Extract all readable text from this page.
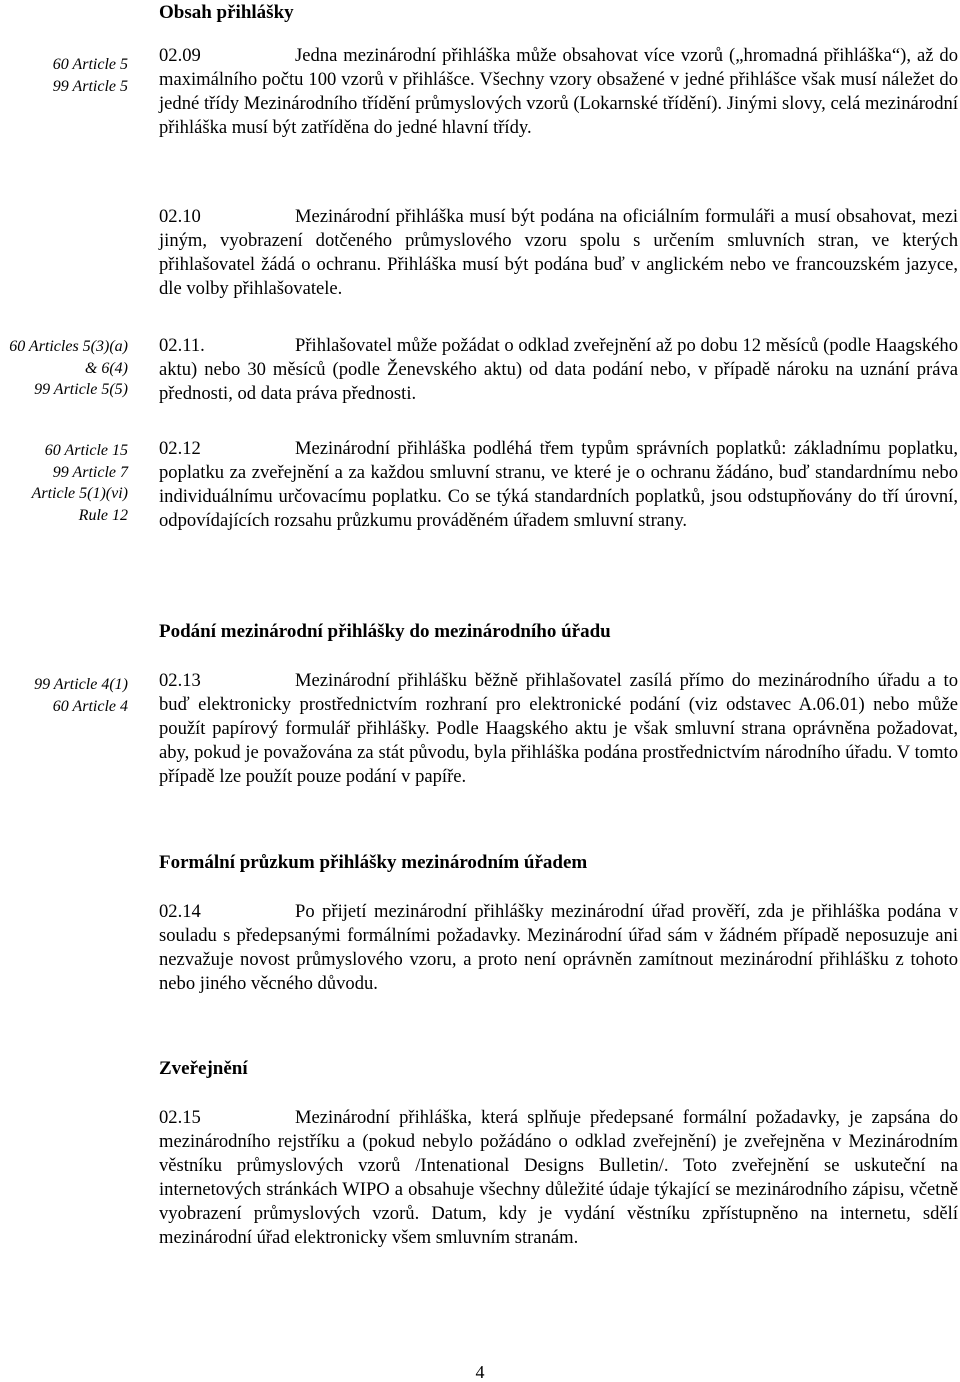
Obsah přihlášky
60 Article 5
99 Article 5
02.09	Jedna mezinárodní přihláška může obsahovat více vzorů („hromadná přihláška“), až do maximálního počtu 100 vzorů v přihlášce. Všechny vzory obsažené v jedné přihlášce však musí náležet do jedné třídy Mezinárodního třídění průmyslových vzorů (Lokarnské třídění). Jinými slovy, celá mezinárodní přihláška musí být zatříděna do jedné hlavní třídy.
02.10	Mezinárodní přihláška musí být podána na oficiálním formuláři a musí obsahovat, mezi jiným, vyobrazení dotčeného průmyslového vzoru spolu s určením smluvních stran, ve kterých přihlašovatel žádá o ochranu. Přihláška musí být podána buď v anglickém nebo ve francouzském jazyce, dle volby přihlašovatele.
60 Articles 5(3)(a)
& 6(4)
99 Article 5(5)
02.11.	Přihlašovatel může požádat o odklad zveřejnění až po dobu 12 měsíců (podle Haagského aktu) nebo 30 měsíců (podle Ženevského aktu) od data podání nebo, v případě nároku na uznání práva přednosti, od data práva přednosti.
60 Article 15
99 Article 7
Article 5(1)(vi)
Rule 12
02.12	Mezinárodní přihláška podléhá třem typům správních poplatků: základnímu poplatku, poplatku za zveřejnění a za každou smluvní stranu, ve které je o ochranu žádáno, buď standardnímu nebo individuálnímu určovacímu poplatku. Co se týká standardních poplatků, jsou odstupňovány do tří úrovní, odpovídajících rozsahu průzkumu prováděném úřadem smluvní strany.
Podání mezinárodní přihlášky do mezinárodního úřadu
99 Article 4(1)
60 Article 4
02.13	Mezinárodní přihlášku běžně přihlašovatel zasílá přímo do mezinárodního úřadu a to buď elektronicky prostřednictvím rozhraní pro elektronické podání (viz odstavec A.06.01) nebo může použít papírový formulář přihlášky. Podle Haagského aktu je však smluvní strana oprávněna požadovat, aby, pokud je považována za stát původu, byla přihláška podána prostřednictvím národního úřadu. V tomto případě lze použít pouze podání v papíře.
Formální průzkum přihlášky mezinárodním úřadem
02.14	Po přijetí mezinárodní přihlášky mezinárodní úřad prověří, zda je přihláška podána v souladu s předepsanými formálními požadavky. Mezinárodní úřad sám v žádném případě neposuzuje ani nezvažuje novost průmyslového vzoru, a proto není oprávněn zamítnout mezinárodní přihlášku z tohoto nebo jiného věcného důvodu.
Zveřejnění
02.15	Mezinárodní přihláška, která splňuje předepsané formální požadavky, je zapsána do mezinárodního rejstříku a (pokud nebylo požádáno o odklad zveřejnění) je zveřejněna v Mezinárodním věstníku průmyslových vzorů /Intenational Designs Bulletin/. Toto zveřejnění se uskuteční na internetových stránkách WIPO a obsahuje všechny důležité údaje týkající se mezinárodního zápisu, včetně vyobrazení průmyslových vzorů. Datum, kdy je vydání věstníku zpřístupněno na internetu, sdělí mezinárodní úřad elektronicky všem smluvním stranám.
4
